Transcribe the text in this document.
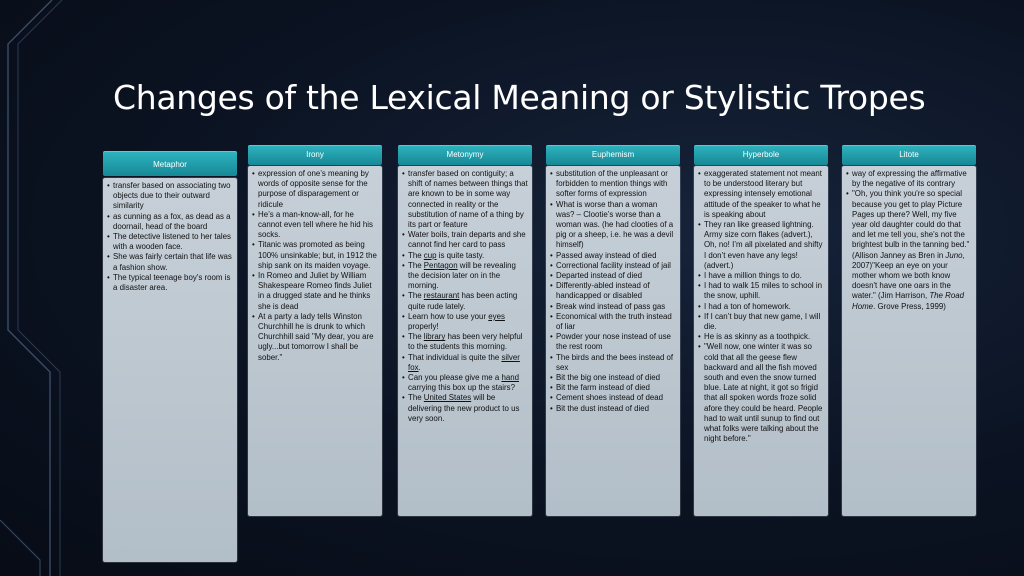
Changes of the Lexical Meaning or Stylistic Tropes
Metaphor
• transfer based on associating two objects due to their outward similarity
• as cunning as a fox, as dead as a doornail, head of the board
• The detective listened to her tales with a wooden face.
• She was fairly certain that life was a fashion show.
• The typical teenage boy’s room is a disaster area.
Irony
• expression of one’s meaning by words of opposite sense for the purpose of disparagement or ridicule
• He’s a man-know-all, for he cannot even tell where he hid his socks.
• Titanic was promoted as being 100% unsinkable; but, in 1912 the ship sank on its maiden voyage.
• In Romeo and Juliet by William Shakespeare Romeo finds Juliet in a drugged state and he thinks she is dead
• At a party a lady tells Winston Churchhill he is drunk to which Churchhill said "My dear, you are ugly...but tomorrow I shall be sober."
Metonymy
• transfer based on contiguity; a shift of names between things that are known to be in some way connected in reality or the substitution of name of a thing by its part or feature
• Water boils, train departs and she cannot find her card to pass
• The cup is quite tasty.
• The Pentagon will be revealing the decision later on in the morning.
• The restaurant has been acting quite rude lately.
• Learn how to use your eyes properly!
• The library has been very helpful to the students this morning.
• That individual is quite the silver fox.
• Can you please give me a hand carrying this box up the stairs?
• The United States will be delivering the new product to us very soon.
Euphemism
• substitution of the unpleasant or forbidden to mention things with softer forms of expression
• What is worse than a woman was? – Clootie’s worse than a woman was. (he had clooties of a pig or a sheep, i.e. he was a devil himself)
• Passed away instead of died
• Correctional facility instead of jail
• Departed instead of died
• Differently-abled instead of handicapped or disabled
• Break wind instead of pass gas
• Economical with the truth instead of liar
• Powder your nose instead of use the rest room
• The birds and the bees instead of sex
• Bit the big one instead of died
• Bit the farm instead of died
• Cement shoes instead of dead
• Bit the dust instead of died
Hyperbole
• exaggerated statement not meant to be understood literary but expressing intensely emotional attitude of the speaker to what he is speaking about
• They ran like greased lightning. Army size corn flakes (advert.), Oh, no! I’m all pixelated and shifty I don’t even have any legs! (advert.)
• I have a million things to do.
• I had to walk 15 miles to school in the snow, uphill.
• I had a ton of homework.
• If I can’t buy that new game, I will die.
• He is as skinny as a toothpick.
• "Well now, one winter it was so cold that all the geese flew backward and all the fish moved south and even the snow turned blue. Late at night, it got so frigid that all spoken words froze solid afore they could be heard. People had to wait until sunup to find out what folks were talking about the night before."
Litote
• way of expressing the affirmative by the negative of its contrary
• "Oh, you think you're so special because you get to play Picture Pages up there? Well, my five year old daughter could do that and let me tell you, she's not the brightest bulb in the tanning bed." (Allison Janney as Bren in Juno, 2007)"Keep an eye on your mother whom we both know doesn't have one oars in the water." (Jim Harrison, The Road Home. Grove Press, 1999)
